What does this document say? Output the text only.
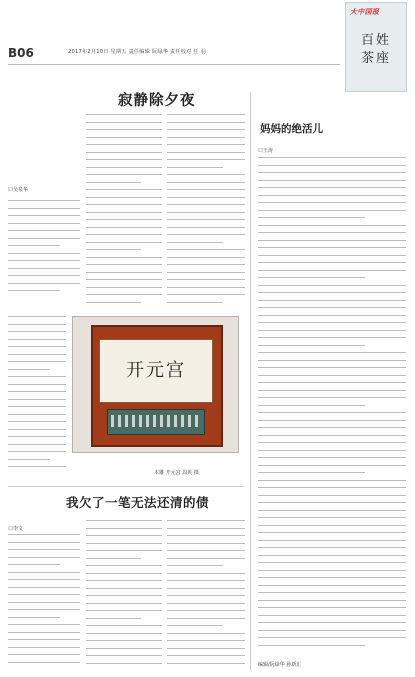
B06	2017年2月10日 星期五 责任编辑 阮绿华 责任校对 任 羽
大中国报
百姓
茶座
寂静除夕夜
口吴泉华
开元宫
木雕 开元宫 周英 摄
我欠了一笔无法还清的债
口李文
妈妈的绝活儿
口王涛
编辑/阮绿华 孙新汇
